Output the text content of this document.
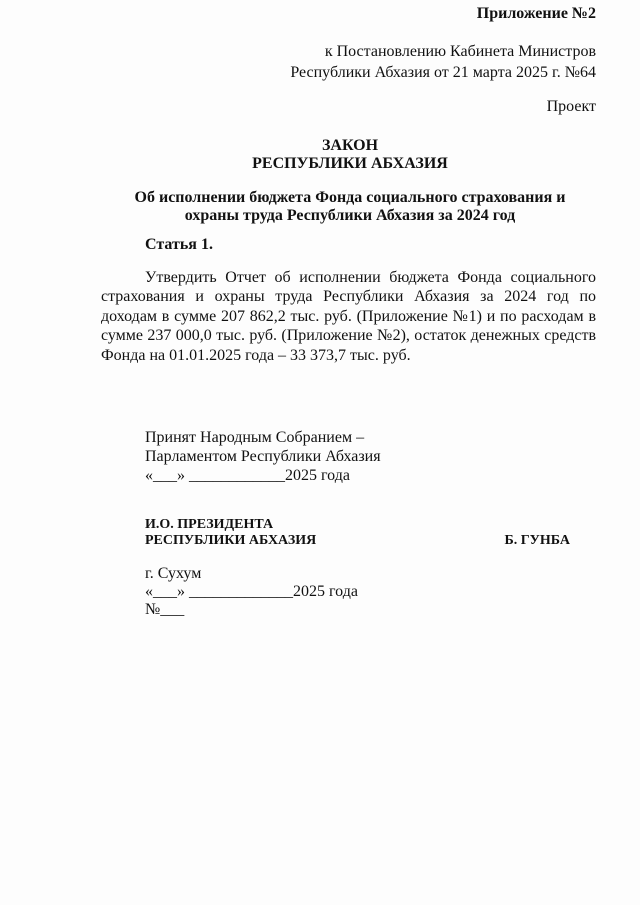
Приложение №2
к Постановлению Кабинета Министров
Республики Абхазия от 21 марта 2025 г. №64
Проект
ЗАКОН
РЕСПУБЛИКИ АБХАЗИЯ
Об исполнении бюджета Фонда социального страхования и
охраны труда Республики Абхазия за 2024 год
Статья 1.
Утвердить Отчет об исполнении бюджета Фонда социального страхования и охраны труда Республики Абхазия за 2024 год по доходам в сумме 207 862,2 тыс. руб. (Приложение №1) и по расходам в сумме 237 000,0 тыс. руб. (Приложение №2), остаток денежных средств Фонда на 01.01.2025 года – 33 373,7 тыс. руб.
Принят Народным Собранием –
Парламентом Республики Абхазия
«___» ____________2025 года
И.О. ПРЕЗИДЕНТА
РЕСПУБЛИКИ АБХАЗИЯ	Б. ГУНБА
г. Сухум
«___» _____________2025 года
№___
